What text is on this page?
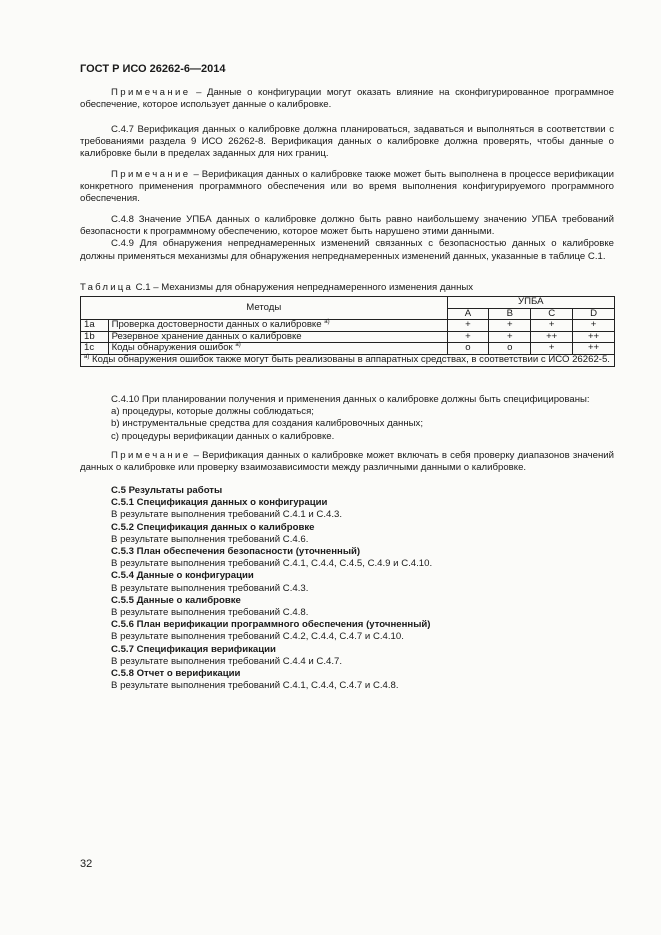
ГОСТ Р ИСО 26262-6—2014

Примечание – Данные о конфигурации могут оказать влияние на сконфигурированное программное обеспечение, которое использует данные о калибровке.

С.4.7 Верификация данных о калибровке должна планироваться, задаваться и выполняться в соответствии с требованиями раздела 9 ИСО 26262-8. Верификация данных о калибровке должна проверять, чтобы данные о калибровке были в пределах заданных для них границ.

Примечание – Верификация данных о калибровке также может быть выполнена в процессе верификации конкретного применения программного обеспечения или во время выполнения конфигурируемого программного обеспечения.

С.4.8 Значение УПБА данных о калибровке должно быть равно наибольшему значению УПБА требований безопасности к программному обеспечению, которое может быть нарушено этими данными.

С.4.9 Для обнаружения непреднамеренных изменений связанных с безопасностью данных о калибровке должны применяться механизмы для обнаружения непреднамеренных изменений данных, указанные в таблице С.1.

Таблица С.1 – Механизмы для обнаружения непреднамеренного изменения данных
Методы		УПБА			
		A	B	C	D
1a	Проверка достоверности данных о калибровке $^{a)}$	+	+	+	+
1b	Резервное хранение данных о калибровке	+	+	++	++
1c	Коды обнаружения ошибок $^{a)}$	o	o	+	++
$^{a)}$ Коды обнаружения ошибок также могут быть реализованы в аппаратных средствах, в соответствии с ИСО 26262-5.					
С.4.10 При планировании получения и применения данных о калибровке должны быть специфицированы:
a) процедуры, которые должны соблюдаться;
b) инструментальные средства для создания калибровочных данных;
c) процедуры верификации данных о калибровке.

Примечание – Верификация данных о калибровке может включать в себя проверку диапазонов значений данных о калибровке или проверку взаимозависимости между различными данными о калибровке.

С.5 Результаты работы
С.5.1 Спецификация данных о конфигурации
В результате выполнения требований С.4.1 и С.4.3.
С.5.2 Спецификация данных о калибровке
В результате выполнения требований С.4.6.
С.5.3 План обеспечения безопасности (уточненный)
В результате выполнения требований С.4.1, С.4.4, С.4.5, С.4.9 и С.4.10.
С.5.4 Данные о конфигурации
В результате выполнения требований С.4.3.
С.5.5 Данные о калибровке
В результате выполнения требований С.4.8.
С.5.6 План верификации программного обеспечения (уточненный)
В результате выполнения требований С.4.2, С.4.4, С.4.7 и С.4.10.
С.5.7 Спецификация верификации
В результате выполнения требований С.4.4 и С.4.7.
С.5.8 Отчет о верификации
В результате выполнения требований С.4.1, С.4.4, С.4.7 и С.4.8.
32
